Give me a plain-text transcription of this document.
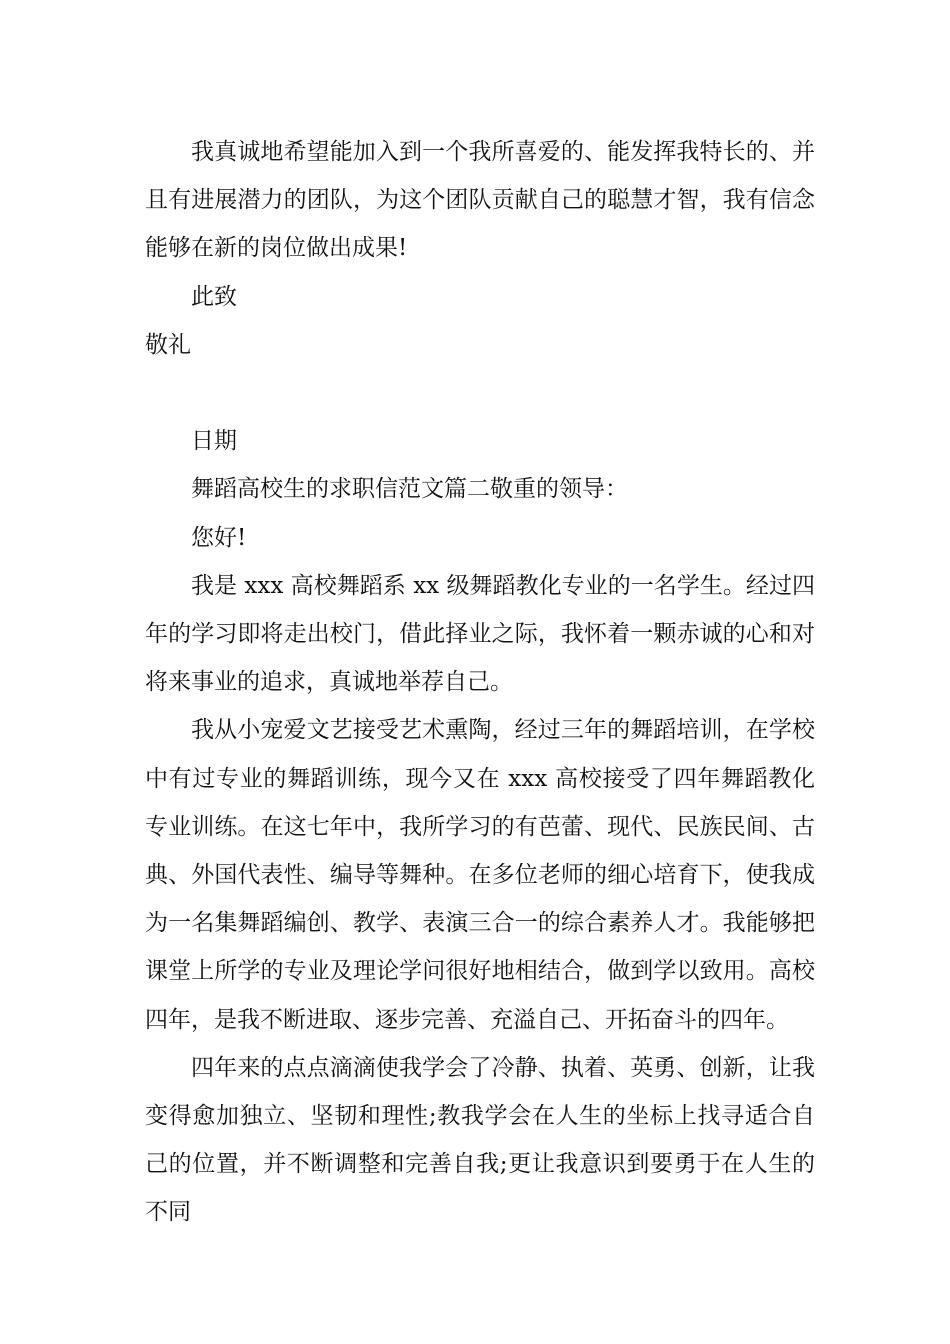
我真诚地希望能加入到一个我所喜爱的、能发挥我特长的、并且有进展潜力的团队，为这个团队贡献自己的聪慧才智，我有信念能够在新的岗位做出成果!

此致

敬礼

日期

舞蹈高校生的求职信范文篇二敬重的领导：

您好!

我是 xxx 高校舞蹈系 xx 级舞蹈教化专业的一名学生。经过四年的学习即将走出校门，借此择业之际，我怀着一颗赤诚的心和对将来事业的追求，真诚地举荐自己。

我从小宠爱文艺接受艺术熏陶，经过三年的舞蹈培训，在学校中有过专业的舞蹈训练，现今又在 xxx 高校接受了四年舞蹈教化专业训练。在这七年中，我所学习的有芭蕾、现代、民族民间、古典、外国代表性、编导等舞种。在多位老师的细心培育下，使我成为一名集舞蹈编创、教学、表演三合一的综合素养人才。我能够把课堂上所学的专业及理论学问很好地相结合，做到学以致用。高校四年，是我不断进取、逐步完善、充溢自己、开拓奋斗的四年。

四年来的点点滴滴使我学会了冷静、执着、英勇、创新，让我变得愈加独立、坚韧和理性;教我学会在人生的坐标上找寻适合自己的位置，并不断调整和完善自我;更让我意识到要勇于在人生的不同
